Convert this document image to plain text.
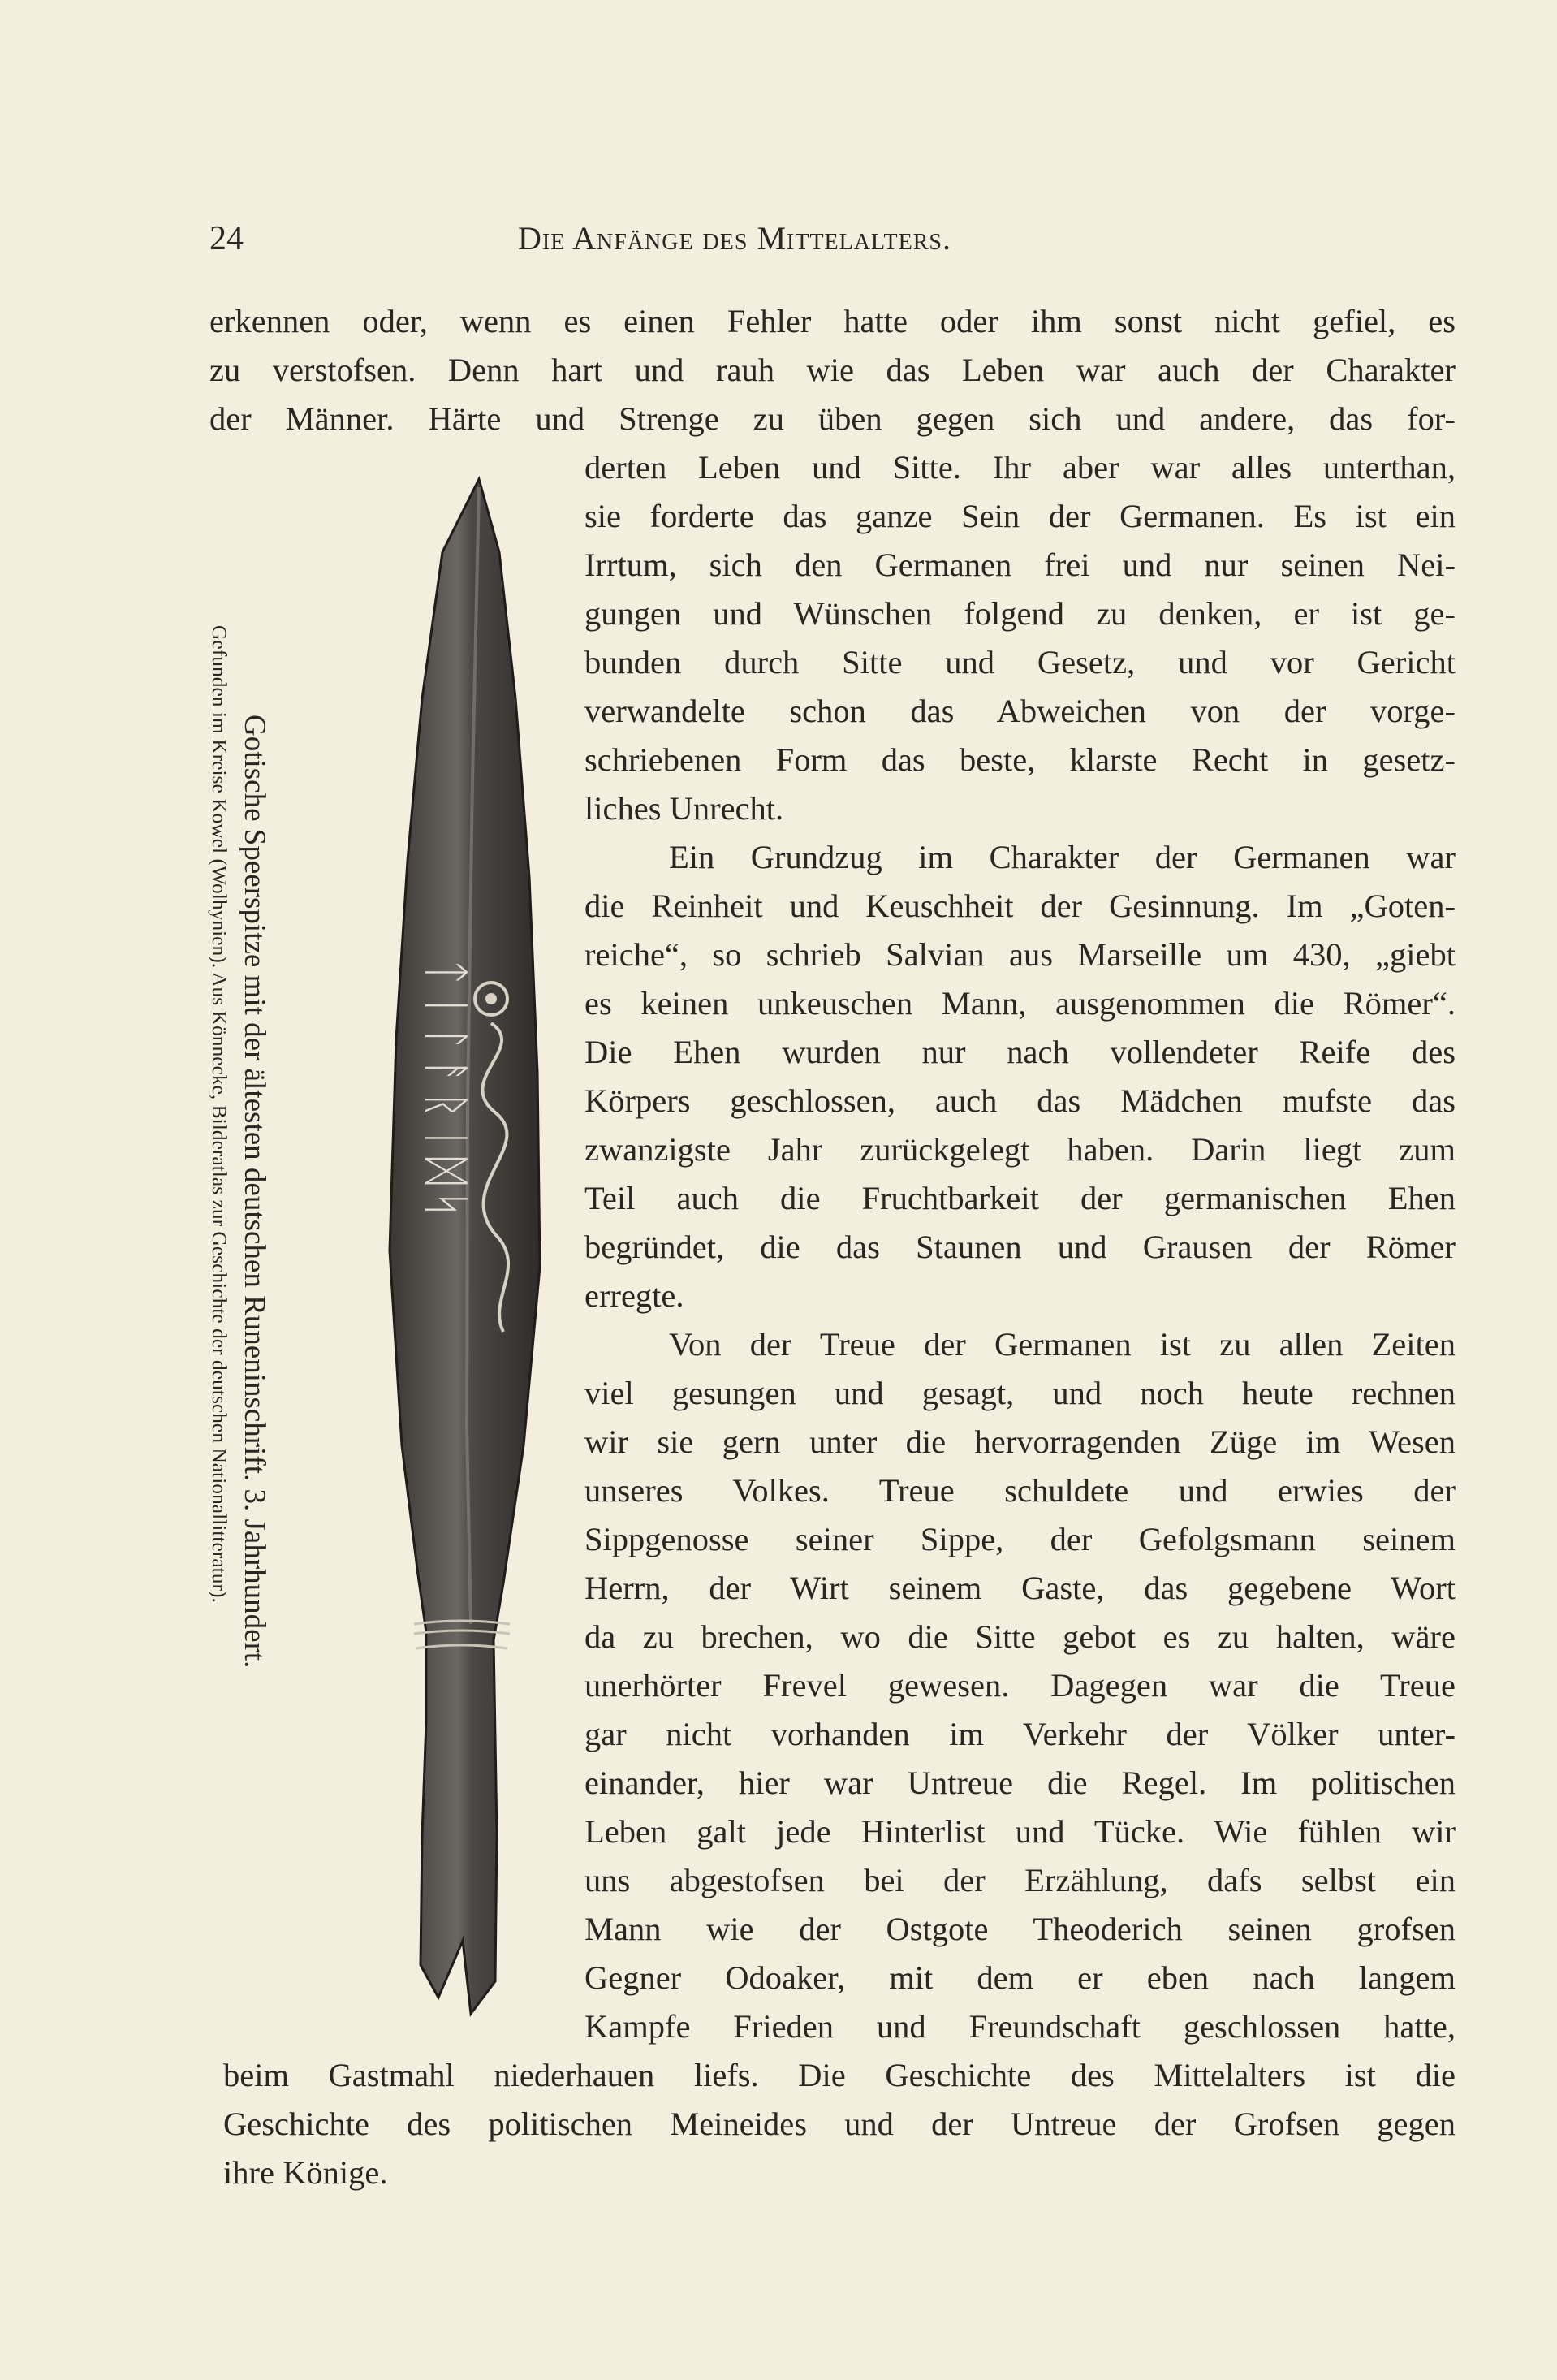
24	Die Anfänge des Mittelalters.
ᛏᛁᛚᚨᚱᛁᛞᛋ
Gotische Speerspitze mit der ältesten deutschen Runeninschrift. 3. Jahrhundert.
Gefunden im Kreise Kowel (Wolhynien). Aus Könnecke, Bilderatlas zur Geschichte der deutschen Nationallitteratur).
erkennen oder, wenn es einen Fehler hatte oder ihm sonst nicht gefiel, es
zu verstofsen. Denn hart und rauh wie das Leben war auch der Charakter
der Männer. Härte und Strenge zu üben gegen sich und andere, das for-
derten Leben und Sitte. Ihr aber war alles unterthan,
sie forderte das ganze Sein der Germanen. Es ist ein
Irrtum, sich den Germanen frei und nur seinen Nei-
gungen und Wünschen folgend zu denken, er ist ge-
bunden durch Sitte und Gesetz, und vor Gericht
verwandelte schon das Abweichen von der vorge-
schriebenen Form das beste, klarste Recht in gesetz-
liches Unrecht.
Ein Grundzug im Charakter der Germanen war
die Reinheit und Keuschheit der Gesinnung. Im „Goten-
reiche“, so schrieb Salvian aus Marseille um 430, „giebt
es keinen unkeuschen Mann, ausgenommen die Römer“.
Die Ehen wurden nur nach vollendeter Reife des
Körpers geschlossen, auch das Mädchen mufste das
zwanzigste Jahr zurückgelegt haben. Darin liegt zum
Teil auch die Fruchtbarkeit der germanischen Ehen
begründet, die das Staunen und Grausen der Römer
erregte.
Von der Treue der Germanen ist zu allen Zeiten
viel gesungen und gesagt, und noch heute rechnen
wir sie gern unter die hervorragenden Züge im Wesen
unseres Volkes. Treue schuldete und erwies der
Sippgenosse seiner Sippe, der Gefolgsmann seinem
Herrn, der Wirt seinem Gaste, das gegebene Wort
da zu brechen, wo die Sitte gebot es zu halten, wäre
unerhörter Frevel gewesen. Dagegen war die Treue
gar nicht vorhanden im Verkehr der Völker unter-
einander, hier war Untreue die Regel. Im politischen
Leben galt jede Hinterlist und Tücke. Wie fühlen wir
uns abgestofsen bei der Erzählung, dafs selbst ein
Mann wie der Ostgote Theoderich seinen grofsen
Gegner Odoaker, mit dem er eben nach langem
Kampfe Frieden und Freundschaft geschlossen hatte,
beim Gastmahl niederhauen liefs. Die Geschichte des Mittelalters ist die
Geschichte des politischen Meineides und der Untreue der Grofsen gegen
ihre Könige.
